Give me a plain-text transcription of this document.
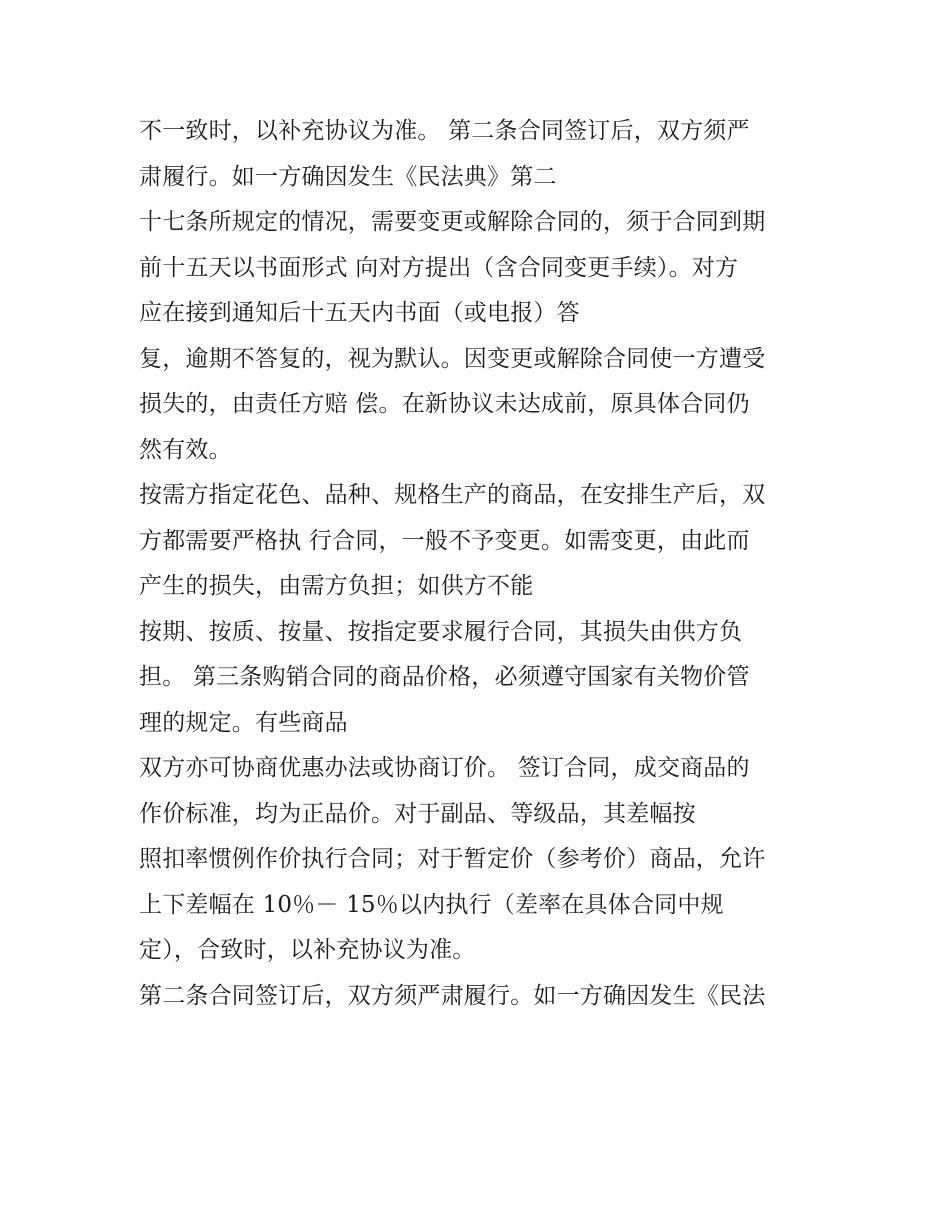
不一致时，以补充协议为准。 第二条合同签订后，双方须严
肃履行。如一方确因发生《民法典》第二
十七条所规定的情况，需要变更或解除合同的，须于合同到期
前十五天以书面形式 向对方提出（含合同变更手续）。对方
应在接到通知后十五天内书面（或电报）答
复，逾期不答复的，视为默认。因变更或解除合同使一方遭受
损失的，由责任方赔 偿。在新协议未达成前，原具体合同仍
然有效。
按需方指定花色、品种、规格生产的商品，在安排生产后，双
方都需要严格执 行合同，一般不予变更。如需变更，由此而
产生的损失，由需方负担；如供方不能
按期、按质、按量、按指定要求履行合同，其损失由供方负
担。 第三条购销合同的商品价格，必须遵守国家有关物价管
理的规定。有些商品
双方亦可协商优惠办法或协商订价。 签订合同，成交商品的
作价标准，均为正品价。对于副品、等级品，其差幅按
照扣率惯例作价执行合同；对于暂定价（参考价）商品，允许
上下差幅在 10％－ 15％以内执行（差率在具体合同中规
定），合致时，以补充协议为准。
第二条合同签订后，双方须严肃履行。如一方确因发生《民法
